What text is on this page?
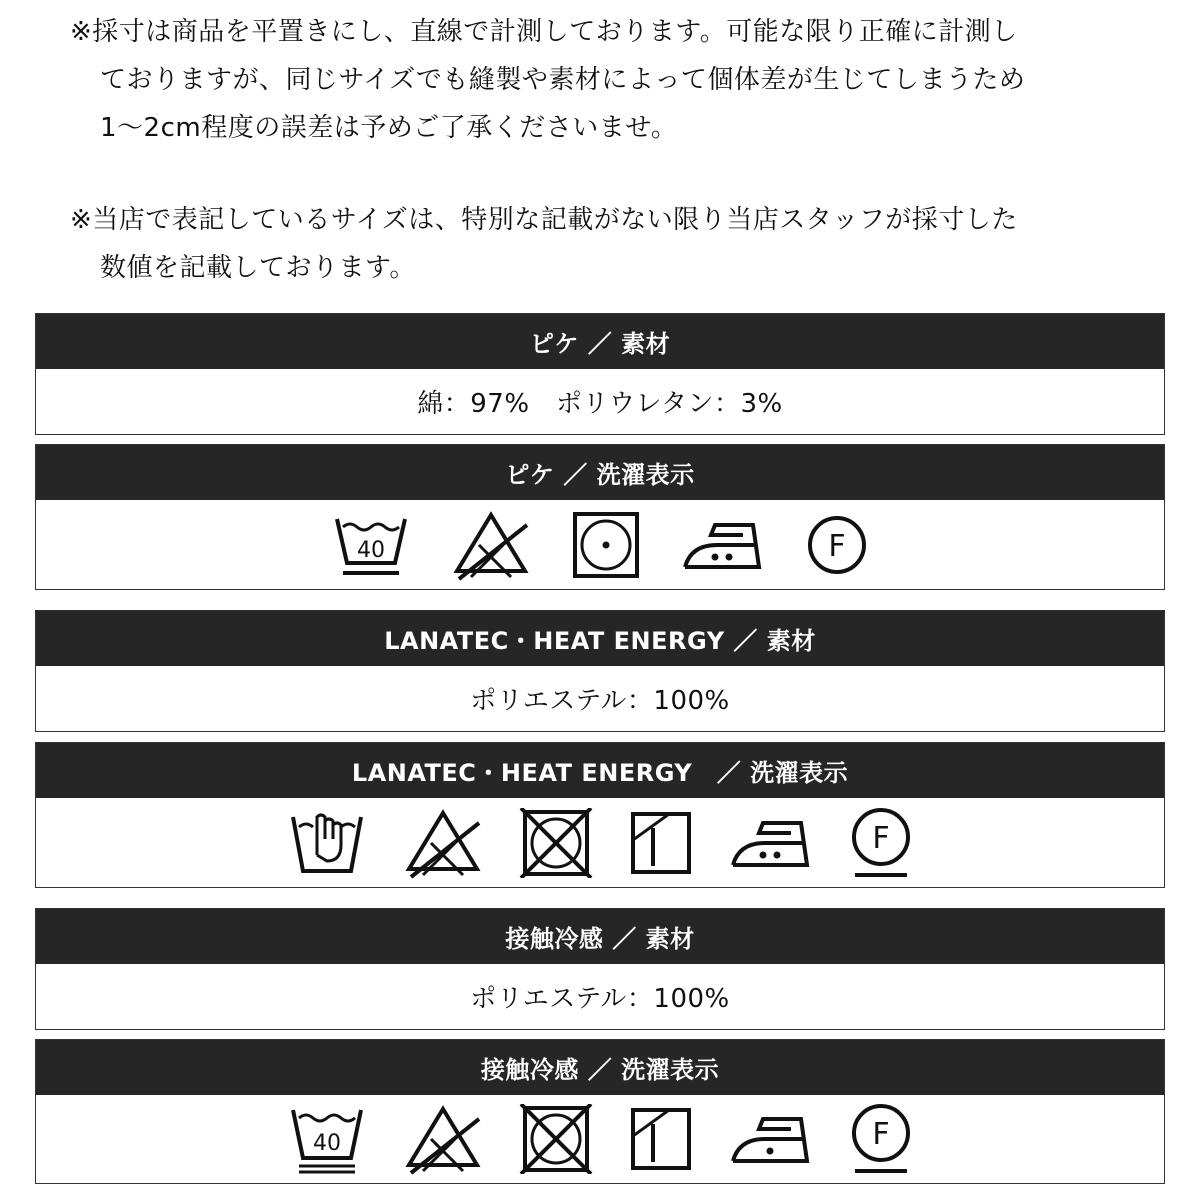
※採寸は商品を平置きにし、直線で計測しております。可能な限り正確に計測し
ておりますが、同じサイズでも縫製や素材によって個体差が生じてしまうため
1～2cm程度の誤差は予めご了承くださいませ。
※当店で表記しているサイズは、特別な記載がない限り当店スタッフが採寸した
数値を記載しております。
ピケ ／ 素材
綿：97%　ポリウレタン：3%
ピケ ／ 洗濯表示
40	F
LANATEC・HEAT ENERGY ／ 素材
ポリエステル：100%
LANATEC・HEAT ENERGY　／ 洗濯表示
F
接触冷感 ／ 素材
ポリエステル：100%
接触冷感 ／ 洗濯表示
40	F
